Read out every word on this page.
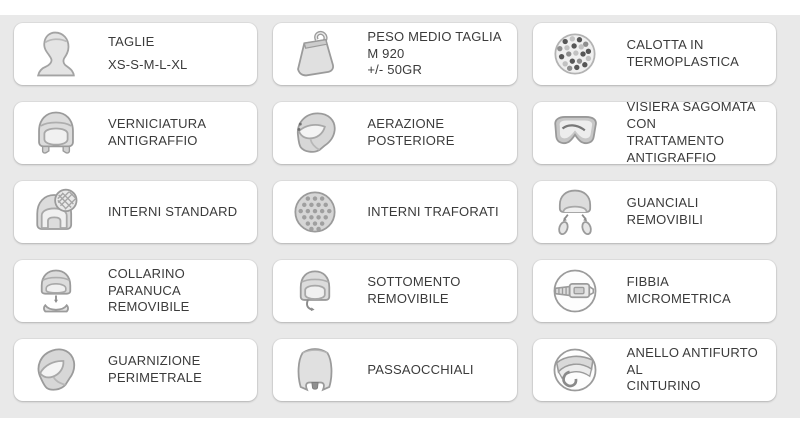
TAGLIE
XS-S-M-L-XL
PESO MEDIO TAGLIA M 920
+/- 50GR
CALOTTA IN
TERMOPLASTICA
VERNICIATURA
ANTIGRAFFIO
AERAZIONE POSTERIORE
VISIERA SAGOMATA CON
TRATTAMENTO
ANTIGRAFFIO
INTERNI STANDARD	INTERNI TRAFORATI
GUANCIALI REMOVIBILI
COLLARINO PARANUCA
REMOVIBILE
SOTTOMENTO REMOVIBILE
FIBBIA MICROMETRICA
GUARNIZIONE PERIMETRALE
PASSAOCCHIALI
ANELLO ANTIFURTO AL
CINTURINO
